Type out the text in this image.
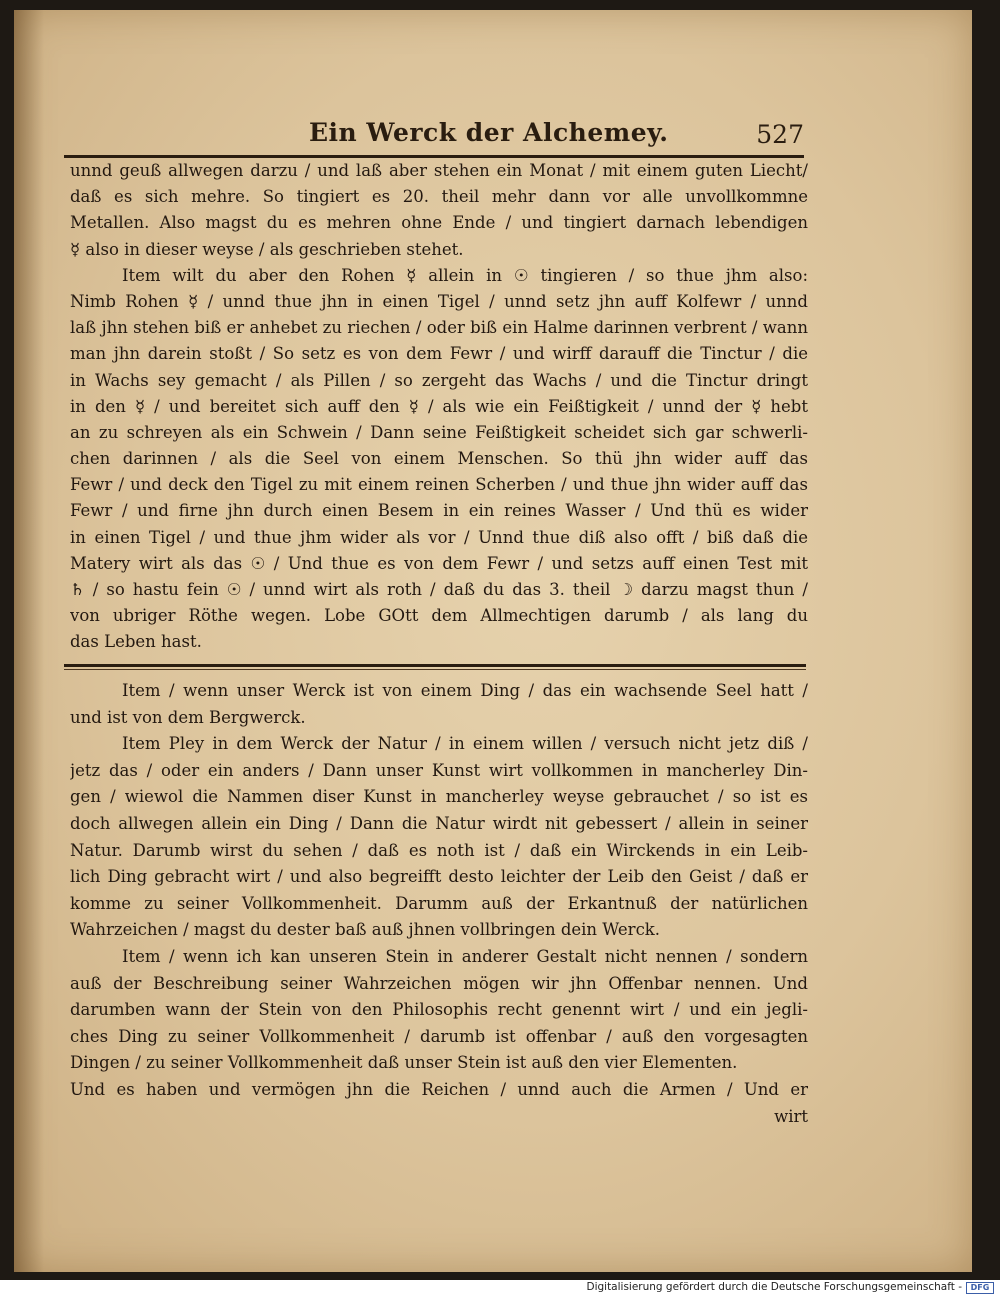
Ein Werck der Alchemey.	527
unnd geuß allwegen darzu / und laß aber stehen ein Monat / mit einem guten Liecht/
daß es sich mehre. So tingiert es 20. theil mehr dann vor alle unvollkommne
Metallen. Also magst du es mehren ohne Ende / und tingiert darnach lebendigen
☿ also in dieser weyse / als geschrieben stehet.
Item wilt du aber den Rohen ☿ allein in ☉ tingieren / so thue jhm also:
Nimb Rohen ☿ / unnd thue jhn in einen Tigel / unnd setz jhn auff Kolfewr / unnd
laß jhn stehen biß er anhebet zu riechen / oder biß ein Halme darinnen verbrent / wann
man jhn darein stoßt / So setz es von dem Fewr / und wirff darauff die Tinctur / die
in Wachs sey gemacht / als Pillen / so zergeht das Wachs / und die Tinctur dringt
in den ☿ / und bereitet sich auff den ☿ / als wie ein Feißtigkeit / unnd der ☿ hebt
an zu schreyen als ein Schwein / Dann seine Feißtigkeit scheidet sich gar schwerli-
chen darinnen / als die Seel von einem Menschen. So thü jhn wider auff das
Fewr / und deck den Tigel zu mit einem reinen Scherben / und thue jhn wider auff das
Fewr / und firne jhn durch einen Besem in ein reines Wasser / Und thü es wider
in einen Tigel / und thue jhm wider als vor / Unnd thue diß also offt / biß daß die
Matery wirt als das ☉ / Und thue es von dem Fewr / und setzs auff einen Test mit
♄ / so hastu fein ☉ / unnd wirt als roth / daß du das 3. theil ☽ darzu magst thun /
von ubriger Röthe wegen. Lobe GOtt dem Allmechtigen darumb / als lang du
das Leben hast.
Item / wenn unser Werck ist von einem Ding / das ein wachsende Seel hatt /
und ist von dem Bergwerck.
Item Pley in dem Werck der Natur / in einem willen / versuch nicht jetz diß /
jetz das / oder ein anders / Dann unser Kunst wirt vollkommen in mancherley Din-
gen / wiewol die Nammen diser Kunst in mancherley weyse gebrauchet / so ist es
doch allwegen allein ein Ding / Dann die Natur wirdt nit gebessert / allein in seiner
Natur. Darumb wirst du sehen / daß es noth ist / daß ein Wirckends in ein Leib-
lich Ding gebracht wirt / und also begreifft desto leichter der Leib den Geist / daß er
komme zu seiner Vollkommenheit. Darumm auß der Erkantnuß der natürlichen
Wahrzeichen / magst du dester baß auß jhnen vollbringen dein Werck.
Item / wenn ich kan unseren Stein in anderer Gestalt nicht nennen / sondern
auß der Beschreibung seiner Wahrzeichen mögen wir jhn Offenbar nennen. Und
darumben wann der Stein von den Philosophis recht genennt wirt / und ein jegli-
ches Ding zu seiner Vollkommenheit / darumb ist offenbar / auß den vorgesagten
Dingen / zu seiner Vollkommenheit daß unser Stein ist auß den vier Elementen.
Und es haben und vermögen jhn die Reichen / unnd auch die Armen / Und er
wirt
Digitalisierung gefördert durch die Deutsche Forschungsgemeinschaft -	DFG
